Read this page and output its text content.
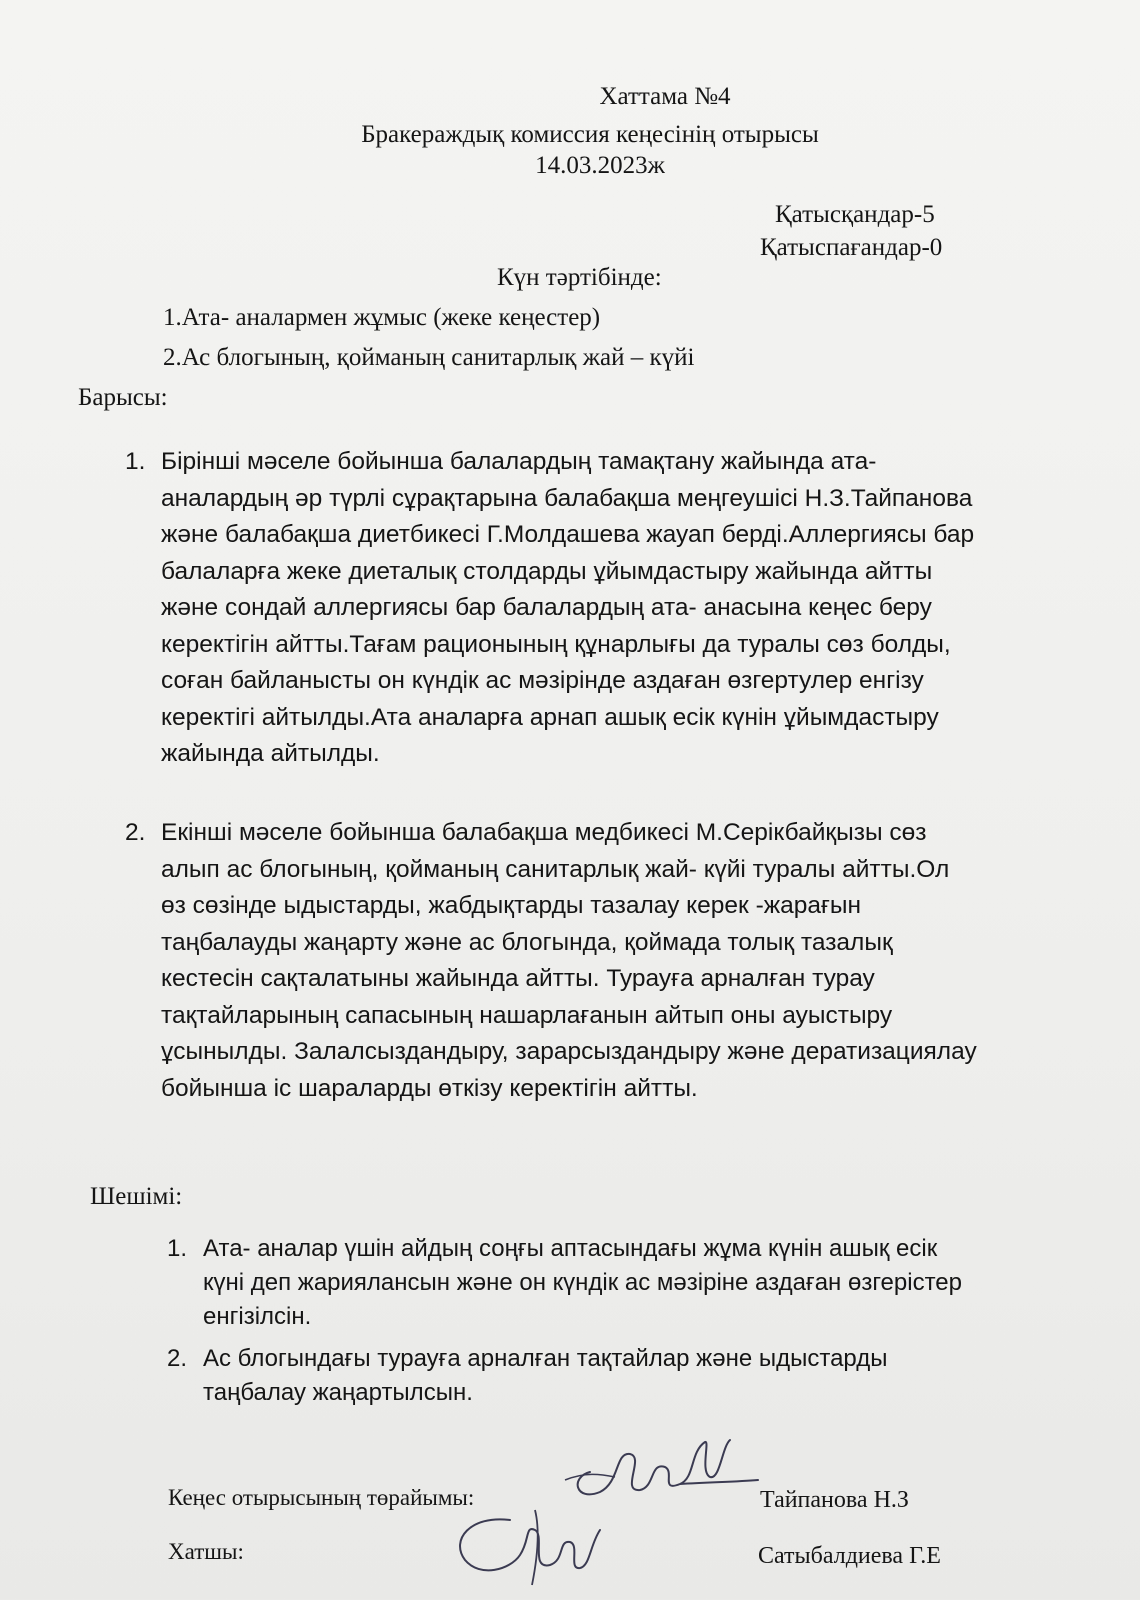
Хаттама №4
Бракераждық комиссия кеңесінің отырысы
14.03.2023ж
Қатысқандар-5
Қатыспағандар-0
Күн тәртібінде:
1.Ата- аналармен жұмыс (жеке кеңестер)
2.Ас блогының, қойманың санитарлық жай – күйі
Барысы:
1. Бірінші мәселе бойынша балалардың тамақтану жайында ата-
аналардың әр түрлі сұрақтарына балабақша меңгеушісі Н.З.Тайпанова
және балабақша диетбикесі Г.Молдашева жауап берді.Аллергиясы бар
балаларға жеке диеталық столдарды ұйымдастыру жайында айтты
және сондай аллергиясы бар балалардың ата- анасына кеңес беру
керектігін айтты.Тағам рационының құнарлығы да туралы сөз болды,
соған байланысты он күндік ас мәзірінде аздаған өзгертулер енгізу
керектігі айтылды.Ата аналарға арнап ашық есік күнін ұйымдастыру
жайында айтылды.
2. Екінші мәселе бойынша балабақша медбикесі М.Серікбайқызы сөз
алып ас блогының, қойманың санитарлық жай- күйі туралы айтты.Ол
өз сөзінде ыдыстарды, жабдықтарды тазалау керек -жарағын
таңбалауды жаңарту және ас блогында, қоймада толық тазалық
кестесін сақталатыны жайында айтты. Турауға арналған турау
тақтайларының сапасының нашарлағанын айтып оны ауыстыру
ұсынылды. Залалсыздандыру, зарарсыздандыру және дератизациялау
бойынша іс шараларды өткізу керектігін айтты.
Шешімі:
1. Ата- аналар үшін айдың соңғы аптасындағы жұма күнін ашық есік
күні деп жариялансын және он күндік ас мәзіріне аздаған өзгерістер
енгізілсін.
2. Ас блогындағы турауға арналған тақтайлар және ыдыстарды
таңбалау жаңартылсын.
Кеңес отырысының төрайымы:	Тайпанова Н.З
Хатшы:	Сатыбалдиева Г.Е
